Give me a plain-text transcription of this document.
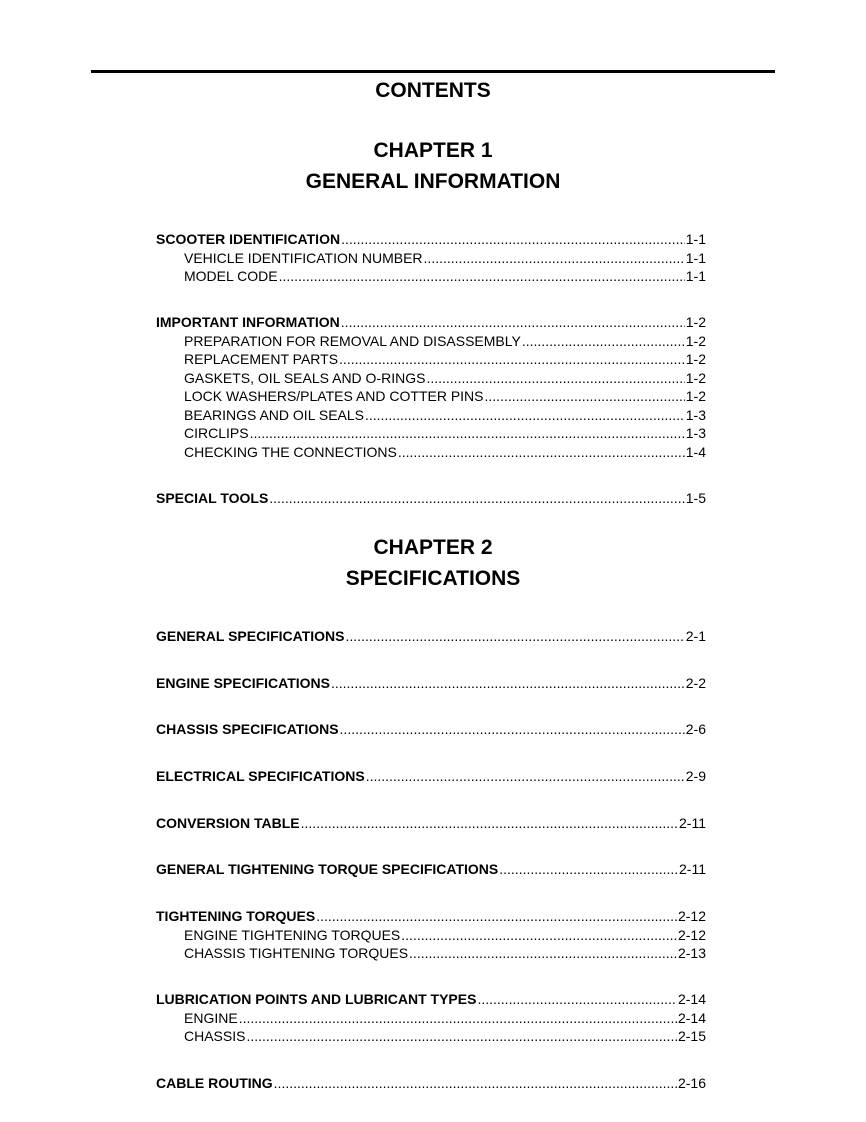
CONTENTS
CHAPTER 1
GENERAL INFORMATION
SCOOTER IDENTIFICATION .....	1-1
VEHICLE IDENTIFICATION NUMBER .....	1-1
MODEL CODE .....	1-1
IMPORTANT INFORMATION .....	1-2
PREPARATION FOR REMOVAL AND DISASSEMBLY .....	1-2
REPLACEMENT PARTS .....	1-2
GASKETS, OIL SEALS AND O-RINGS .....	1-2
LOCK WASHERS/PLATES AND COTTER PINS .....	1-2
BEARINGS AND OIL SEALS .....	1-3
CIRCLIPS .....	1-3
CHECKING THE CONNECTIONS .....	1-4
SPECIAL TOOLS .....	1-5
CHAPTER 2
SPECIFICATIONS
GENERAL SPECIFICATIONS .....	2-1
ENGINE SPECIFICATIONS .....	2-2
CHASSIS SPECIFICATIONS .....	2-6
ELECTRICAL SPECIFICATIONS .....	2-9
CONVERSION TABLE .....	2-11
GENERAL TIGHTENING TORQUE SPECIFICATIONS .....	2-11
TIGHTENING TORQUES .....	2-12
ENGINE TIGHTENING TORQUES .....	2-12
CHASSIS TIGHTENING TORQUES .....	2-13
LUBRICATION POINTS AND LUBRICANT TYPES .....	2-14
ENGINE .....	2-14
CHASSIS .....	2-15
CABLE ROUTING .....	2-16
